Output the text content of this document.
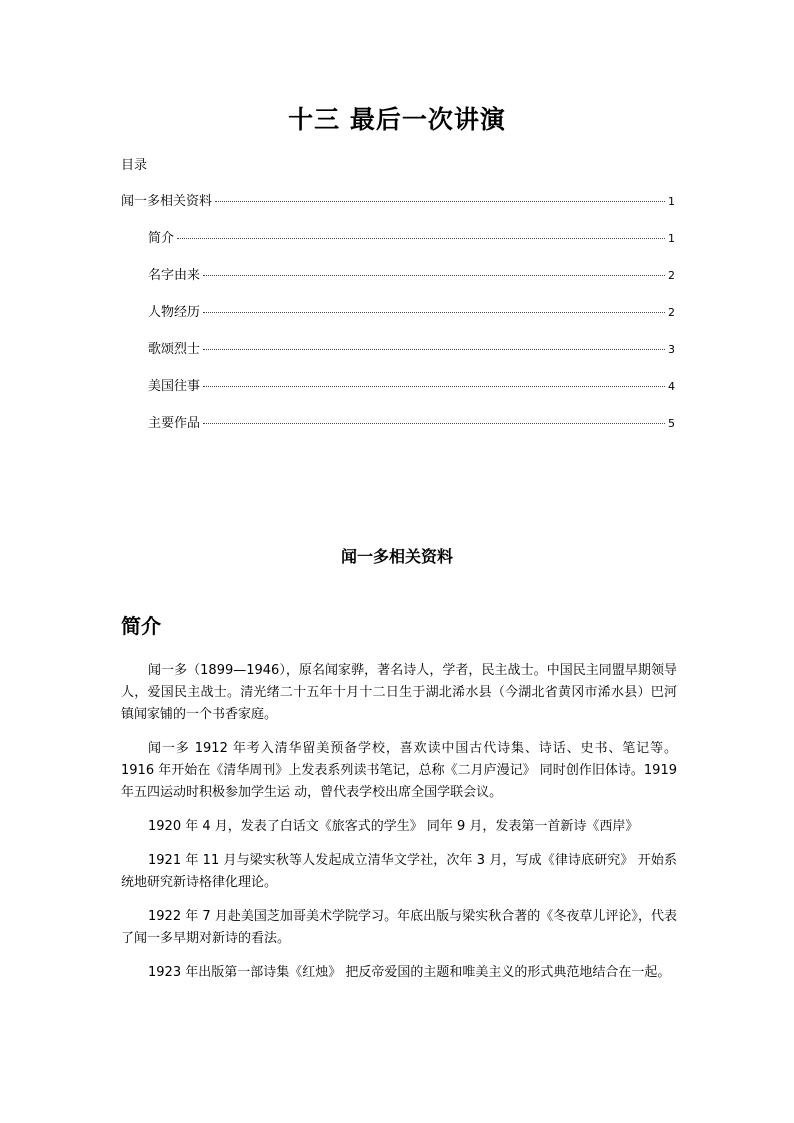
十三 最后一次讲演
目录
闻一多相关资料	1
简介	1
名字由来	2
人物经历	2
歌颂烈士	3
美国往事	4
主要作品	5
闻一多相关资料
简介

闻一多（1899—1946），原名闻家骅，著名诗人，学者，民主战士。中国民主同盟早期领导人，爱国民主战士。清光绪二十五年十月十二日生于湖北浠水县（今湖北省黄冈市浠水县）巴河镇闻家铺的一个书香家庭。

闻一多 1912 年考入清华留美预备学校，喜欢读中国古代诗集、诗话、史书、笔记等。1916 年开始在《清华周刊》上发表系列读书笔记，总称《二月庐漫记》 同时创作旧体诗。1919 年五四运动时积极参加学生运 动，曾代表学校出席全国学联会议。

1920 年 4 月，发表了白话文《旅客式的学生》 同年 9 月，发表第一首新诗《西岸》

1921 年 11 月与梁实秋等人发起成立清华文学社，次年 3 月，写成《律诗底研究》 开始系统地研究新诗格律化理论。

1922 年 7 月赴美国芝加哥美术学院学习。年底出版与梁实秋合著的《冬夜草儿评论》，代表了闻一多早期对新诗的看法。

1923 年出版第一部诗集《红烛》 把反帝爱国的主题和唯美主义的形式典范地结合在一起。
